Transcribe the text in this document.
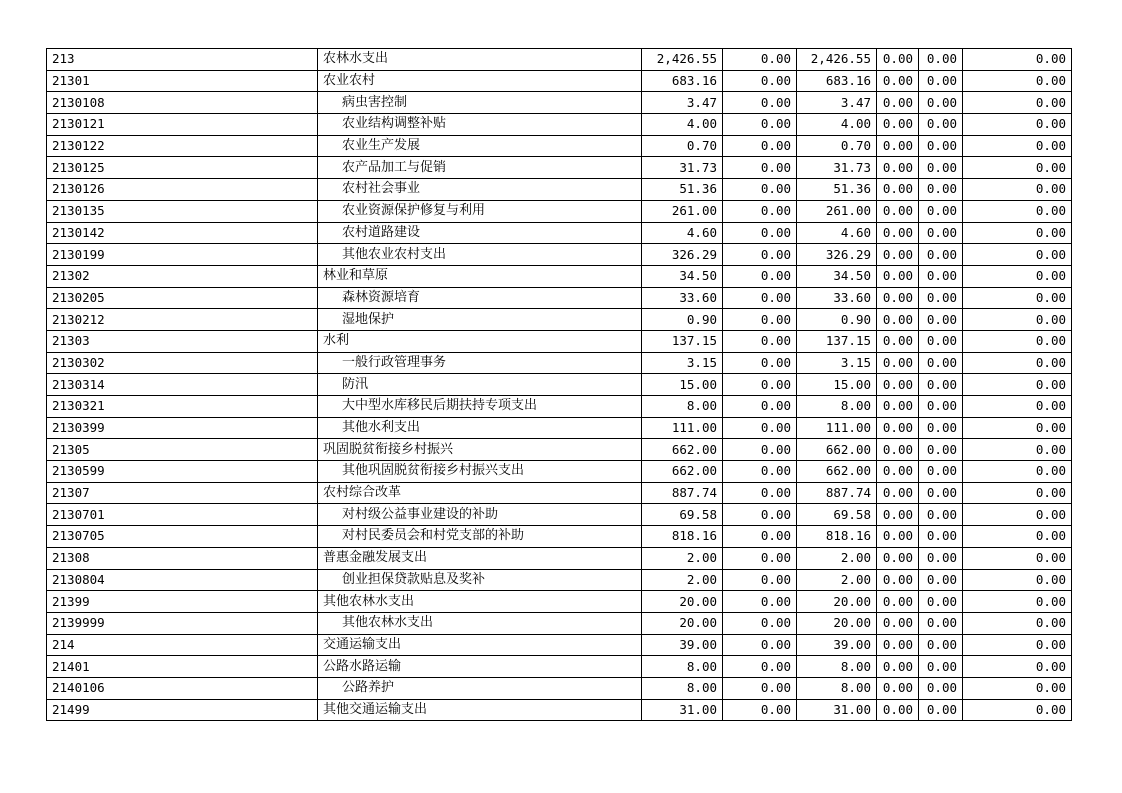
213	农林水支出	2,426.55	0.00	2,426.55	0.00	0.00	0.00
21301	农业农村	683.16	0.00	683.16	0.00	0.00	0.00
2130108	病虫害控制	3.47	0.00	3.47	0.00	0.00	0.00
2130121	农业结构调整补贴	4.00	0.00	4.00	0.00	0.00	0.00
2130122	农业生产发展	0.70	0.00	0.70	0.00	0.00	0.00
2130125	农产品加工与促销	31.73	0.00	31.73	0.00	0.00	0.00
2130126	农村社会事业	51.36	0.00	51.36	0.00	0.00	0.00
2130135	农业资源保护修复与利用	261.00	0.00	261.00	0.00	0.00	0.00
2130142	农村道路建设	4.60	0.00	4.60	0.00	0.00	0.00
2130199	其他农业农村支出	326.29	0.00	326.29	0.00	0.00	0.00
21302	林业和草原	34.50	0.00	34.50	0.00	0.00	0.00
2130205	森林资源培育	33.60	0.00	33.60	0.00	0.00	0.00
2130212	湿地保护	0.90	0.00	0.90	0.00	0.00	0.00
21303	水利	137.15	0.00	137.15	0.00	0.00	0.00
2130302	一般行政管理事务	3.15	0.00	3.15	0.00	0.00	0.00
2130314	防汛	15.00	0.00	15.00	0.00	0.00	0.00
2130321	大中型水库移民后期扶持专项支出	8.00	0.00	8.00	0.00	0.00	0.00
2130399	其他水利支出	111.00	0.00	111.00	0.00	0.00	0.00
21305	巩固脱贫衔接乡村振兴	662.00	0.00	662.00	0.00	0.00	0.00
2130599	其他巩固脱贫衔接乡村振兴支出	662.00	0.00	662.00	0.00	0.00	0.00
21307	农村综合改革	887.74	0.00	887.74	0.00	0.00	0.00
2130701	对村级公益事业建设的补助	69.58	0.00	69.58	0.00	0.00	0.00
2130705	对村民委员会和村党支部的补助	818.16	0.00	818.16	0.00	0.00	0.00
21308	普惠金融发展支出	2.00	0.00	2.00	0.00	0.00	0.00
2130804	创业担保贷款贴息及奖补	2.00	0.00	2.00	0.00	0.00	0.00
21399	其他农林水支出	20.00	0.00	20.00	0.00	0.00	0.00
2139999	其他农林水支出	20.00	0.00	20.00	0.00	0.00	0.00
214	交通运输支出	39.00	0.00	39.00	0.00	0.00	0.00
21401	公路水路运输	8.00	0.00	8.00	0.00	0.00	0.00
2140106	公路养护	8.00	0.00	8.00	0.00	0.00	0.00
21499	其他交通运输支出	31.00	0.00	31.00	0.00	0.00	0.00
